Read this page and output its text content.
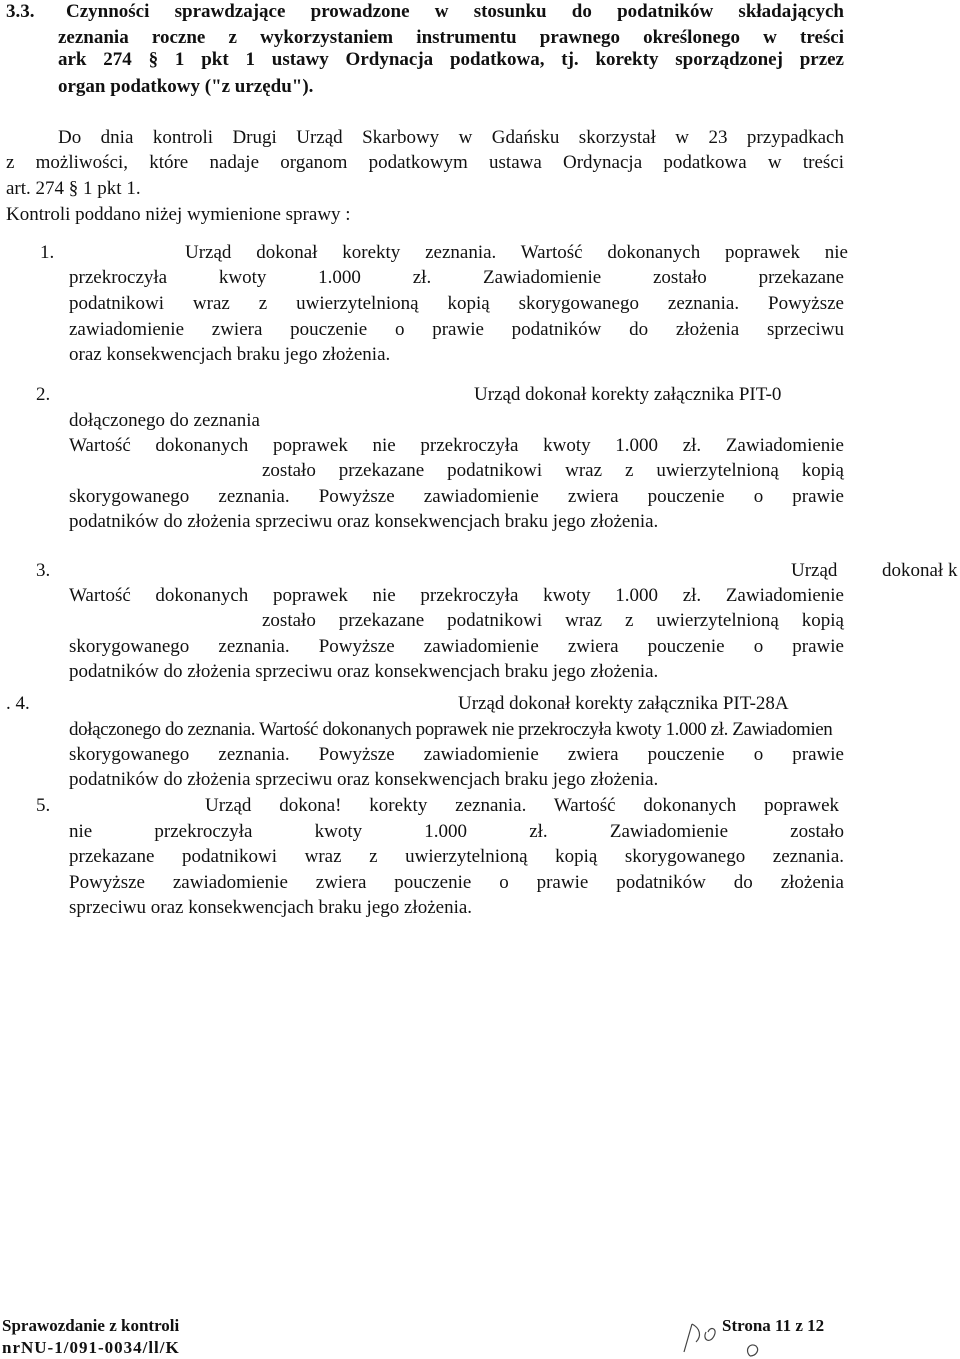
3.3. Czynności sprawdzające prowadzone w stosunku do podatników składających
zeznania roczne z wykorzystaniem instrumentu prawnego określonego w treści
ark 274 § 1 pkt 1 ustawy Ordynacja podatkowa, tj. korekty sporządzonej przez
organ podatkowy ("z urzędu").
Do dnia kontroli Drugi Urząd Skarbowy w Gdańsku skorzystał w 23 przypadkach
z możliwości, które nadaje organom podatkowym ustawa Ordynacja podatkowa w treści
art. 274 § 1 pkt 1.
Kontroli poddano niżej wymienione sprawy :
1.	Urząd dokonał korekty zeznania. Wartość dokonanych poprawek nie
przekroczyła kwoty 1.000 zł. Zawiadomienie zostało przekazane
podatnikowi wraz z uwierzytelnioną kopią skorygowanego zeznania. Powyższe
zawiadomienie zwiera pouczenie o prawie podatników do złożenia sprzeciwu
oraz konsekwencjach braku jego złożenia.
2.	Urząd dokonał korekty załącznika PIT-0
dołączonego do zeznania
Wartość dokonanych poprawek nie przekroczyła kwoty 1.000 zł. Zawiadomienie
zostało przekazane podatnikowi wraz z uwierzytelnioną kopią
skorygowanego zeznania. Powyższe zawiadomienie zwiera pouczenie o prawie
podatników do złożenia sprzeciwu oraz konsekwencjach braku jego złożenia.
3.	Urząd dokonał k
Wartość dokonanych poprawek nie przekroczyła kwoty 1.000 zł. Zawiadomienie
zostało przekazane podatnikowi wraz z uwierzytelnioną kopią
skorygowanego zeznania. Powyższe zawiadomienie zwiera pouczenie o prawie
podatników do złożenia sprzeciwu oraz konsekwencjach braku jego złożenia.
. 4.	Urząd dokonał korekty załącznika PIT-28A
dołączonego do zeznania. Wartość dokonanych poprawek nie przekroczyła kwoty 1.000 zł. Zawiadomien
skorygowanego zeznania. Powyższe zawiadomienie zwiera pouczenie o prawie
podatników do złożenia sprzeciwu oraz konsekwencjach braku jego złożenia.
5.	Urząd dokona! korekty zeznania. Wartość dokonanych poprawek
nie przekroczyła kwoty 1.000 zł. Zawiadomienie zostało
przekazane podatnikowi wraz z uwierzytelnioną kopią skorygowanego zeznania.
Powyższe zawiadomienie zwiera pouczenie o prawie podatników do złożenia
sprzeciwu oraz konsekwencjach braku jego złożenia.
Sprawozdanie z kontroli
nrNU-1/091-0034/ll/K
Strona 11 z 12
